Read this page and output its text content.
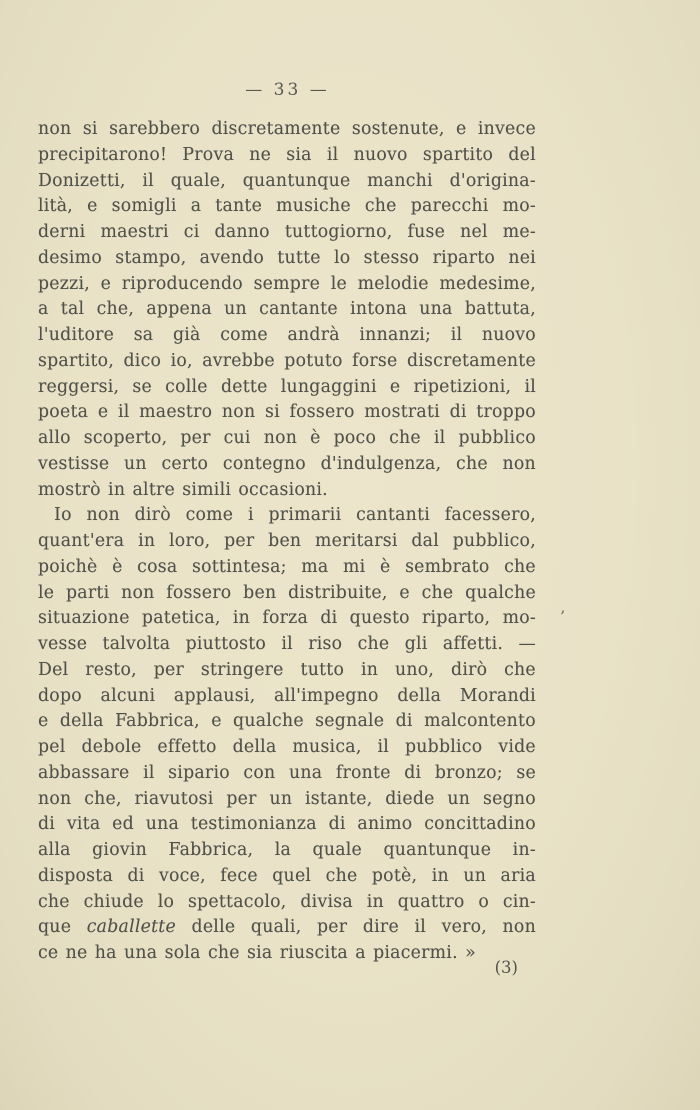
— 33 —
non si sarebbero discretamente sostenute, e invece
precipitarono! Prova ne sia il nuovo spartito del
Donizetti, il quale, quantunque manchi d'origina-
lità, e somigli a tante musiche che parecchi mo-
derni maestri ci danno tuttogiorno, fuse nel me-
desimo stampo, avendo tutte lo stesso riparto nei
pezzi, e riproducendo sempre le melodie medesime,
a tal che, appena un cantante intona una battuta,
l'uditore sa già come andrà innanzi; il nuovo
spartito, dico io, avrebbe potuto forse discretamente
reggersi, se colle dette lungaggini e ripetizioni, il
poeta e il maestro non si fossero mostrati di troppo
allo scoperto, per cui non è poco che il pubblico
vestisse un certo contegno d'indulgenza, che non
mostrò in altre simili occasioni.
Io non dirò come i primarii cantanti facessero,
quant'era in loro, per ben meritarsi dal pubblico,
poichè è cosa sottintesa; ma mi è sembrato che
le parti non fossero ben distribuite, e che qualche
situazione patetica, in forza di questo riparto, mo-
vesse talvolta piuttosto il riso che gli affetti. —
Del resto, per stringere tutto in uno, dirò che
dopo alcuni applausi, all'impegno della Morandi
e della Fabbrica, e qualche segnale di malcontento
pel debole effetto della musica, il pubblico vide
abbassare il sipario con una fronte di bronzo; se
non che, riavutosi per un istante, diede un segno
di vita ed una testimonianza di animo concittadino
alla giovin Fabbrica, la quale quantunque in-
disposta di voce, fece quel che potè, in un aria
che chiude lo spettacolo, divisa in quattro o cin-
que caballette delle quali, per dire il vero, non
ce ne ha una sola che sia riuscita a piacermi. »
’
(3)
